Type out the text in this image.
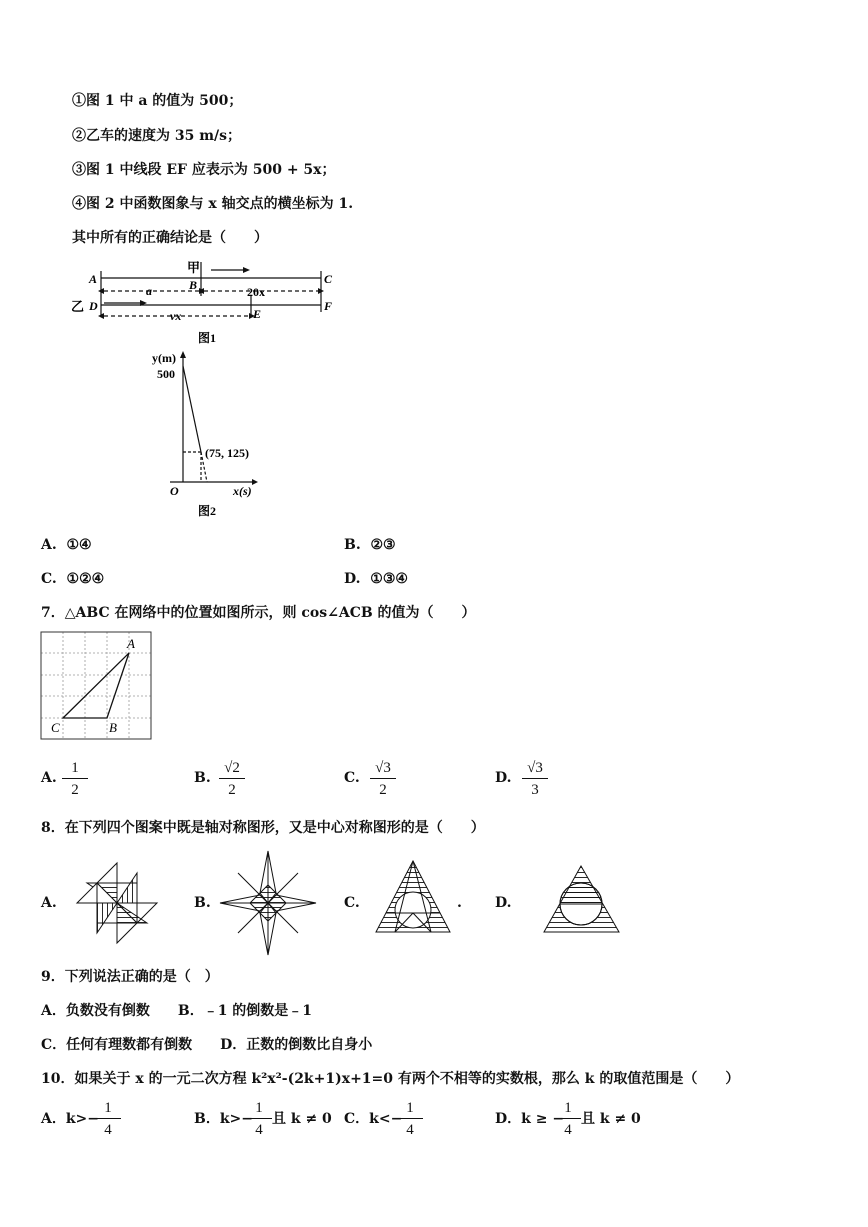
①图 1 中 a 的值为 500；
②乙车的速度为 35 m/s；
③图 1 中线段 EF 应表示为 500 + 5x；
④图 2 中函数图象与 x 轴交点的横坐标为 1.
其中所有的正确结论是（　　）
甲
乙
A	B	C
D
E
F
a	20x
vx
图1
y(m)
500
(75, 125)
O	x(s)
图2
A. ①④	B. ②③
C. ①②④	D. ①③④
7．△ABC 在网络中的位置如图所示，则 cos∠ACB 的值为（　　）
A
B
C
A. $\frac{1}{2}$	B. $\frac{√2}{2}$	C. $\frac{√3}{2}$	D. $\frac{√3}{3}$
8．在下列四个图案中既是轴对称图形，又是中心对称图形的是（　　）
A.	B.	C.	. D.
9．下列说法正确的是（　）
A．负数没有倒数　　B．﹣1 的倒数是﹣1
C．任何有理数都有倒数　　D．正数的倒数比自身小
10．如果关于 x 的一元二次方程 k²x²-(2k+1)x+1=0 有两个不相等的实数根，那么 k 的取值范围是（　　）
A．k>−
$\frac{1}{4}$	B．k>−
$\frac{1}{4}$ 且 k ≠ 0 C．k<−
$\frac{1}{4}$	D．k ≥ −
$\frac{1}{4}$ 且 k ≠ 0
